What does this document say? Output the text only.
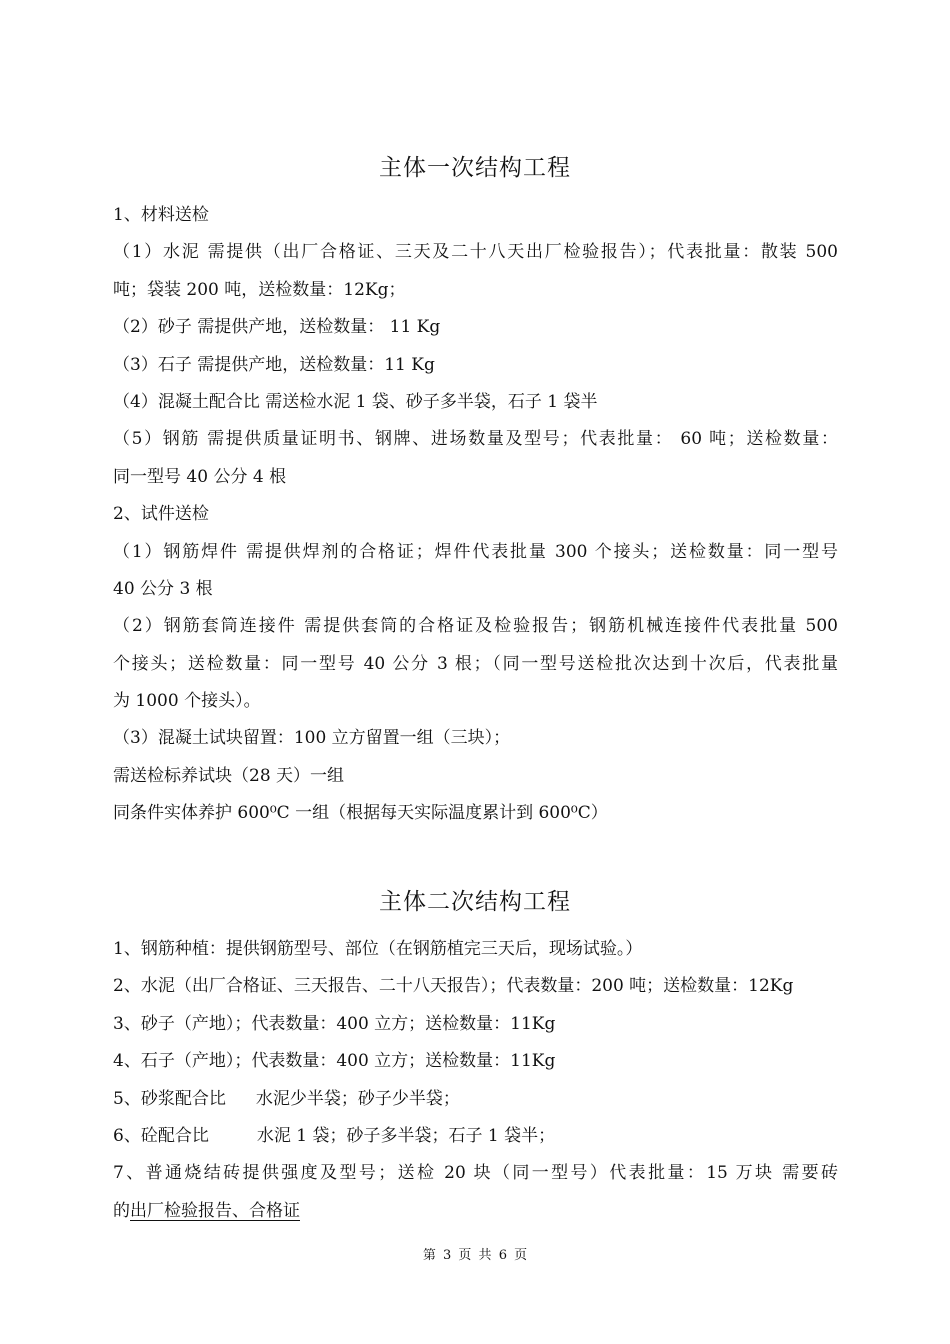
主体一次结构工程
1、材料送检
（1）水泥 需提供（出厂合格证、三天及二十八天出厂检验报告）；代表批量：散装 500
吨；袋装 200 吨，送检数量：12Kg；
（2）砂子 需提供产地，送检数量： 11 Kg
（3）石子 需提供产地，送检数量：11 Kg
（4）混凝土配合比 需送检水泥 1 袋、砂子多半袋，石子 1 袋半
（5）钢筋 需提供质量证明书、钢牌、进场数量及型号；代表批量： 60 吨；送检数量：
同一型号 40 公分 4 根
2、试件送检
（1）钢筋焊件 需提供焊剂的合格证；焊件代表批量 300 个接头；送检数量：同一型号
40 公分 3 根
（2）钢筋套筒连接件 需提供套筒的合格证及检验报告；钢筋机械连接件代表批量 500
个接头；送检数量：同一型号 40 公分 3 根；（同一型号送检批次达到十次后，代表批量
为 1000 个接头）。
（3）混凝土试块留置：100 立方留置一组（三块）；
需送检标养试块（28 天）一组
同条件实体养护 600⁰C 一组（根据每天实际温度累计到 600⁰C）
主体二次结构工程
1、钢筋种植：提供钢筋型号、部位（在钢筋植完三天后，现场试验。）
2、水泥（出厂合格证、三天报告、二十八天报告）；代表数量：200 吨；送检数量：12Kg
3、砂子（产地）；代表数量：400 立方；送检数量：11Kg
4、石子（产地）；代表数量：400 立方；送检数量：11Kg
5、砂浆配合比 水泥少半袋；砂子少半袋；
6、砼配合比	水泥 1 袋；砂子多半袋；石子 1 袋半；
7、普通烧结砖提供强度及型号；送检 20 块（同一型号）代表批量：15 万块 需要砖
的出厂检验报告、合格证
第 3 页 共 6 页
